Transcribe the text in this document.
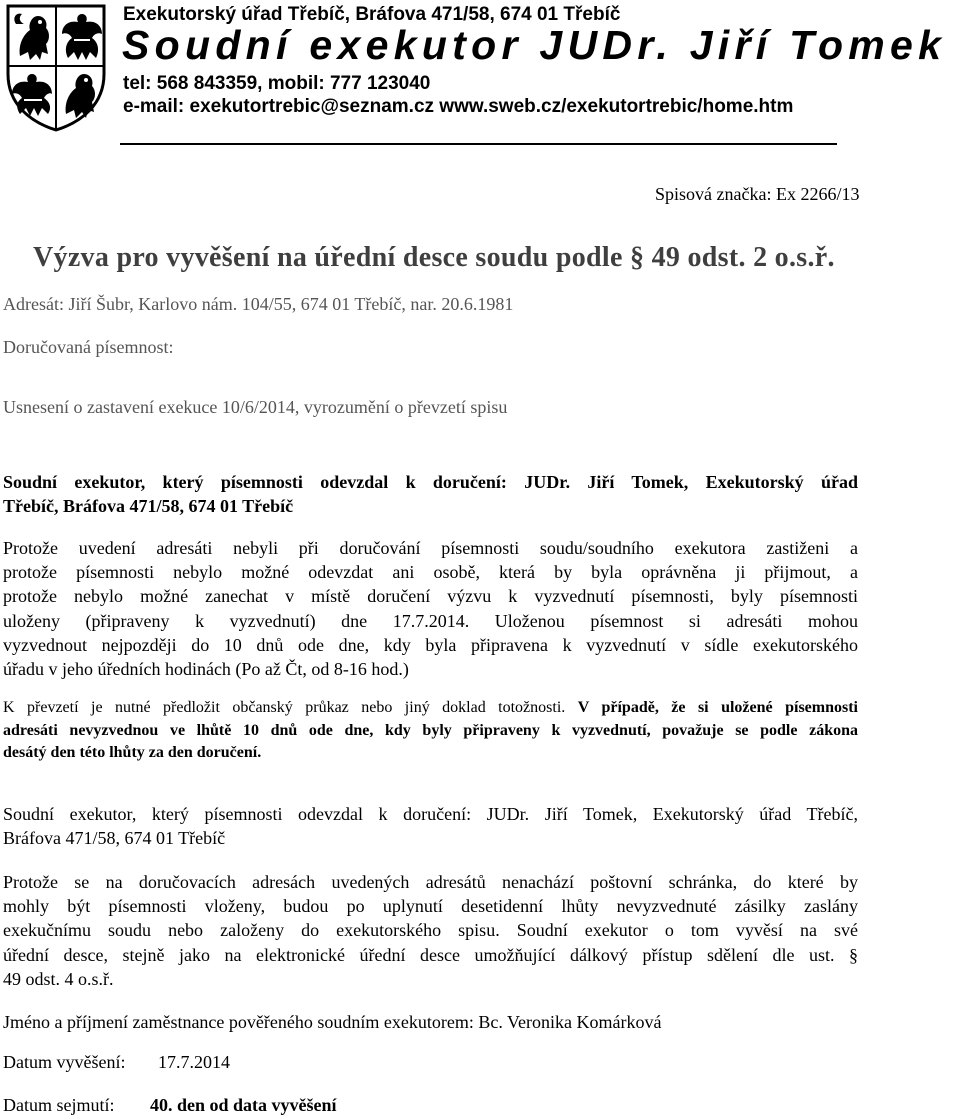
Exekutorský úřad Třebíč, Bráfova 471/58, 674 01 Třebíč
Soudní exekutor JUDr. Jiří Tomek
tel: 568 843359, mobil: 777 123040
e-mail: exekutortrebic@seznam.cz www.sweb.cz/exekutortrebic/home.htm
Spisová značka: Ex 2266/13
Výzva pro vyvěšení na úřední desce soudu podle § 49 odst. 2 o.s.ř.
Adresát: Jiří Šubr, Karlovo nám. 104/55, 674 01 Třebíč, nar. 20.6.1981
Doručovaná písemnost:
Usnesení o zastavení exekuce 10/6/2014, vyrozumění o převzetí spisu
Soudní exekutor, který písemnosti odevzdal k doručení: JUDr. Jiří Tomek, Exekutorský úřad
Třebíč, Bráfova 471/58, 674 01 Třebíč
Protože uvedení adresáti nebyli při doručování písemnosti soudu/soudního exekutora zastiženi a
protože písemnosti nebylo možné odevzdat ani osobě, která by byla oprávněna ji přijmout, a
protože nebylo možné zanechat v místě doručení výzvu k vyzvednutí písemnosti, byly písemnosti
uloženy (připraveny k vyzvednutí) dne 17.7.2014. Uloženou písemnost si adresáti mohou
vyzvednout nejpozději do 10 dnů ode dne, kdy byla připravena k vyzvednutí v sídle exekutorského
úřadu v jeho úředních hodinách (Po až Čt, od 8-16 hod.)
K převzetí je nutné předložit občanský průkaz nebo jiný doklad totožnosti. V případě, že si uložené písemnosti
adresáti nevyzvednou ve lhůtě 10 dnů ode dne, kdy byly připraveny k vyzvednutí, považuje se podle zákona
desátý den této lhůty za den doručení.
Soudní exekutor, který písemnosti odevzdal k doručení: JUDr. Jiří Tomek, Exekutorský úřad Třebíč,
Bráfova 471/58, 674 01 Třebíč
Protože se na doručovacích adresách uvedených adresátů nenachází poštovní schránka, do které by
mohly být písemnosti vloženy, budou po uplynutí desetidenní lhůty nevyzvednuté zásilky zaslány
exekučnímu soudu nebo založeny do exekutorského spisu. Soudní exekutor o tom vyvěsí na své
úřední desce, stejně jako na elektronické úřední desce umožňující dálkový přístup sdělení dle ust. §
49 odst. 4 o.s.ř.
Jméno a příjmení zaměstnance pověřeného soudním exekutorem: Bc. Veronika Komárková
Datum vyvěšení: 17.7.2014
Datum sejmutí: 40. den od data vyvěšení
